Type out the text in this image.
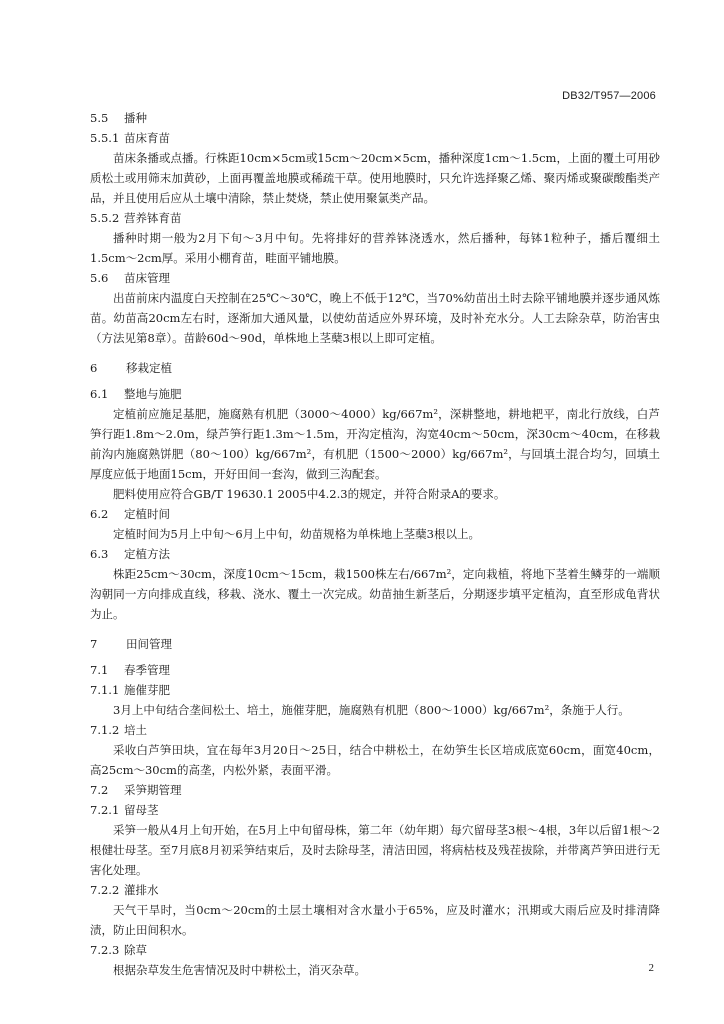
DB32/T957—2006
5.5 播种
5.5.1 苗床育苗

苗床条播或点播。行株距10cm×5cm或15cm～20cm×5cm，播种深度1cm～1.5cm，上面的覆土可用砂质松土或用筛末加黄砂，上面再覆盖地膜或稀疏干草。使用地膜时，只允许选择聚乙烯、聚丙烯或聚碳酸酯类产品，并且使用后应从土壤中清除，禁止焚烧，禁止使用聚氯类产品。

5.5.2 营养钵育苗

播种时期一般为2月下旬～3月中旬。先将排好的营养钵浇透水，然后播种，每钵1粒种子，播后覆细土1.5cm～2cm厚。采用小棚育苗，畦面平铺地膜。

5.6 苗床管理

出苗前床内温度白天控制在25℃～30℃，晚上不低于12℃，当70%幼苗出土时去除平铺地膜并逐步通风炼苗。幼苗高20cm左右时，逐渐加大通风量，以使幼苗适应外界环境，及时补充水分。人工去除杂草，防治害虫（方法见第8章）。苗龄60d～90d，单株地上茎蘖3根以上即可定植。

6 移栽定植
6.1 整地与施肥

定植前应施足基肥，施腐熟有机肥（3000～4000）kg/667m²，深耕整地，耕地耙平，南北行放线，白芦笋行距1.8m～2.0m，绿芦笋行距1.3m～1.5m，开沟定植沟，沟宽40cm～50cm，深30cm～40cm，在移栽前沟内施腐熟饼肥（80～100）kg/667m²，有机肥（1500～2000）kg/667m²，与回填土混合均匀，回填土厚度应低于地面15cm，开好田间一套沟，做到三沟配套。

肥料使用应符合GB/T 19630.1 2005中4.2.3的规定，并符合附录A的要求。

6.2 定植时间

定植时间为5月上中旬～6月上中旬，幼苗规格为单株地上茎蘖3根以上。

6.3 定植方法

株距25cm～30cm，深度10cm～15cm，栽1500株左右/667m²，定向栽植，将地下茎着生鳞芽的一端顺沟朝同一方向排成直线，移栽、浇水、覆土一次完成。幼苗抽生新茎后，分期逐步填平定植沟，直至形成龟背状为止。

7 田间管理
7.1 春季管理
7.1.1 施催芽肥

3月上中旬结合垄间松土、培土，施催芽肥，施腐熟有机肥（800～1000）kg/667m²，条施于人行。

7.1.2 培土

采收白芦笋田块，宜在每年3月20日～25日，结合中耕松土，在幼笋生长区培成底宽60cm，面宽40cm，高25cm～30cm的高垄，内松外紧，表面平滑。

7.2 采笋期管理
7.2.1 留母茎

采笋一般从4月上旬开始，在5月上中旬留母株，第二年（幼年期）每穴留母茎3根～4根，3年以后留1根～2根健壮母茎。至7月底8月初采笋结束后，及时去除母茎，清洁田园，将病枯枝及残茬拔除，并带离芦笋田进行无害化处理。

7.2.2 灌排水

天气干旱时，当0cm～20cm的土层土壤相对含水量小于65%，应及时灌水；汛期或大雨后应及时排清降渍，防止田间积水。

7.2.3 除草

根据杂草发生危害情况及时中耕松土，消灭杂草。	2
